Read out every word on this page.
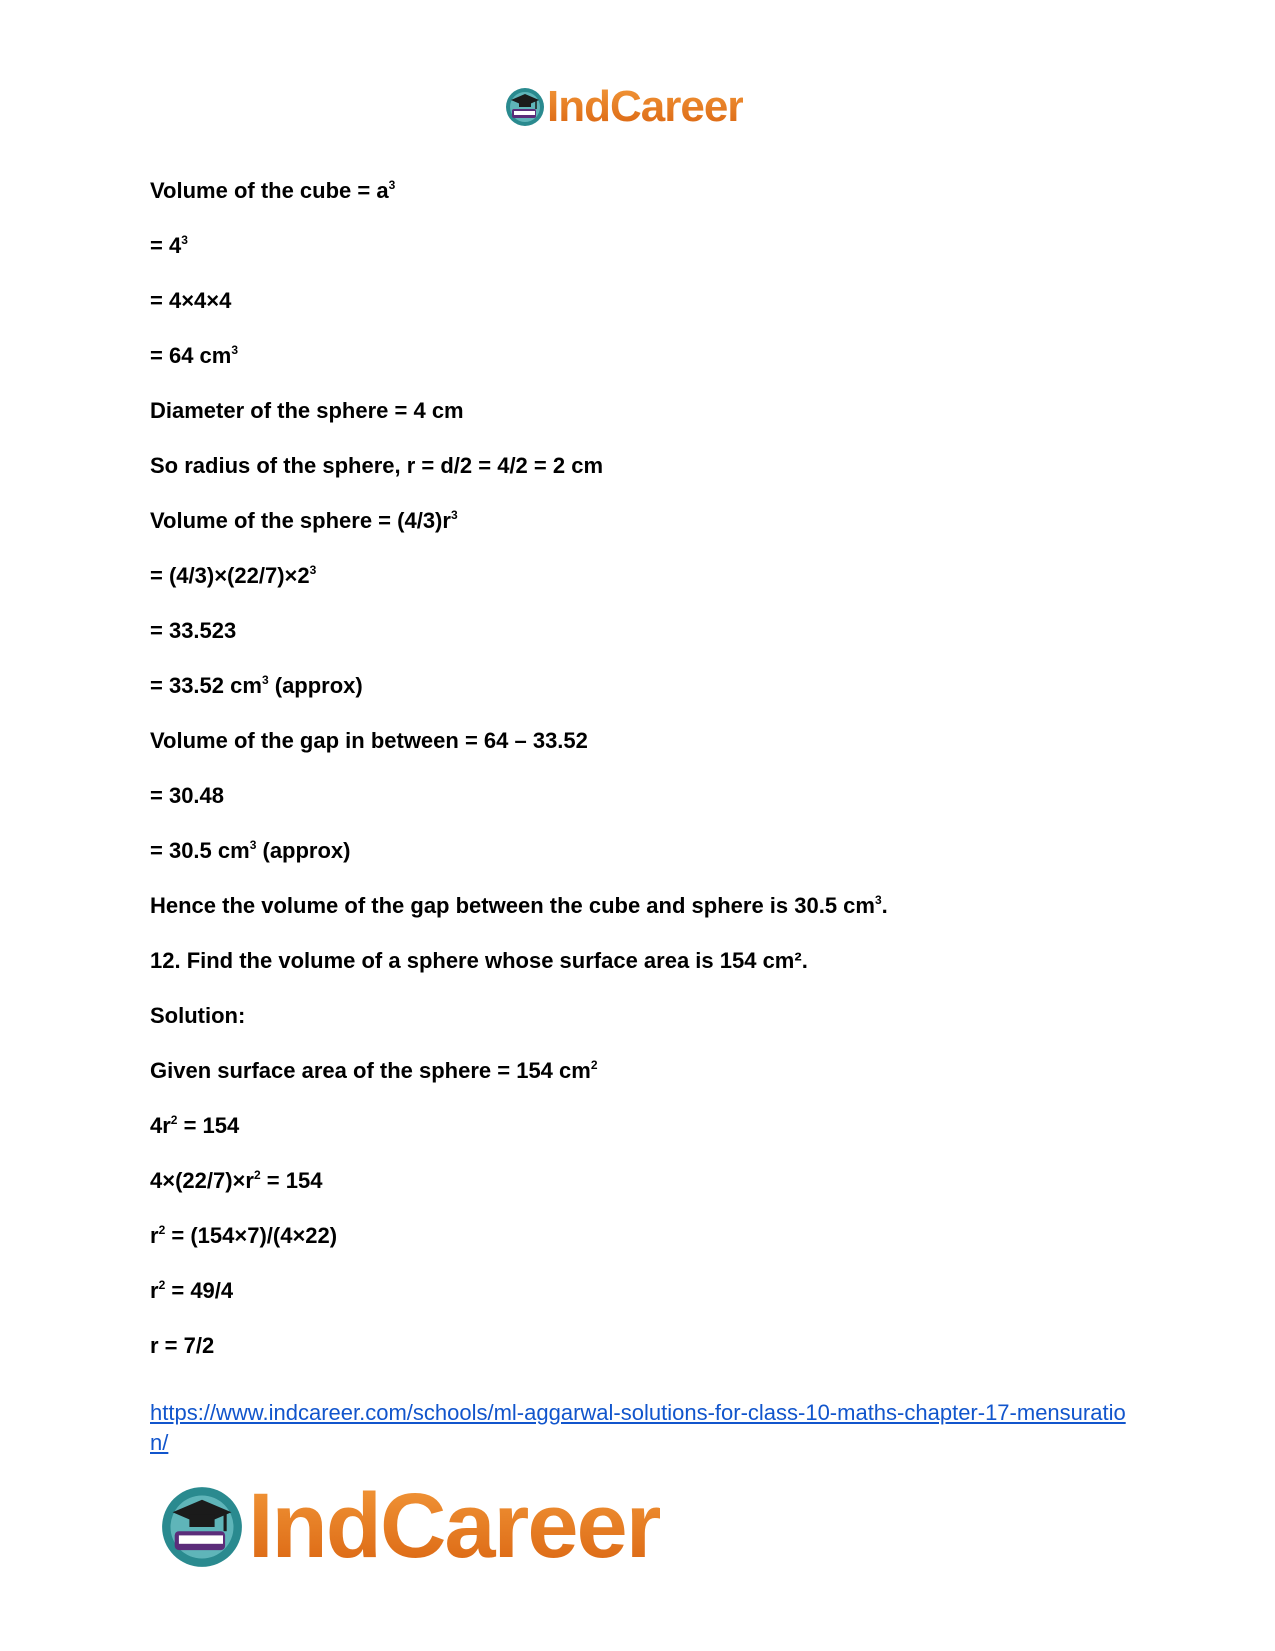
IndCareer
Volume of the cube = $a^3$
= $4^3$
= 4×4×4
= 64 $cm^3$
Diameter of the sphere = 4 cm
So radius of the sphere, r = d/2 = 4/2 = 2 cm
Volume of the sphere = $(4/3)r^3$
= $(4/3)\times(22/7)\times 2^3$
= 33.523
= 33.52 $cm^3$ (approx)
Volume of the gap in between = 64 – 33.52
= 30.48
= 30.5 $cm^3$ (approx)
Hence the volume of the gap between the cube and sphere is 30.5 $cm^3$.
12. Find the volume of a sphere whose surface area is 154 cm².
Solution:
Given surface area of the sphere = 154 $cm^2$
$4r^2 = 154$
$4\times(22/7)\times r^2 = 154$
$r^2 = (154\times 7)/(4\times 22)$
$r^2 = 49/4$
r = 7/2
https://www.indcareer.com/schools/ml-aggarwal-solutions-for-class-10-maths-chapter-17-mensuration/
IndCareer
